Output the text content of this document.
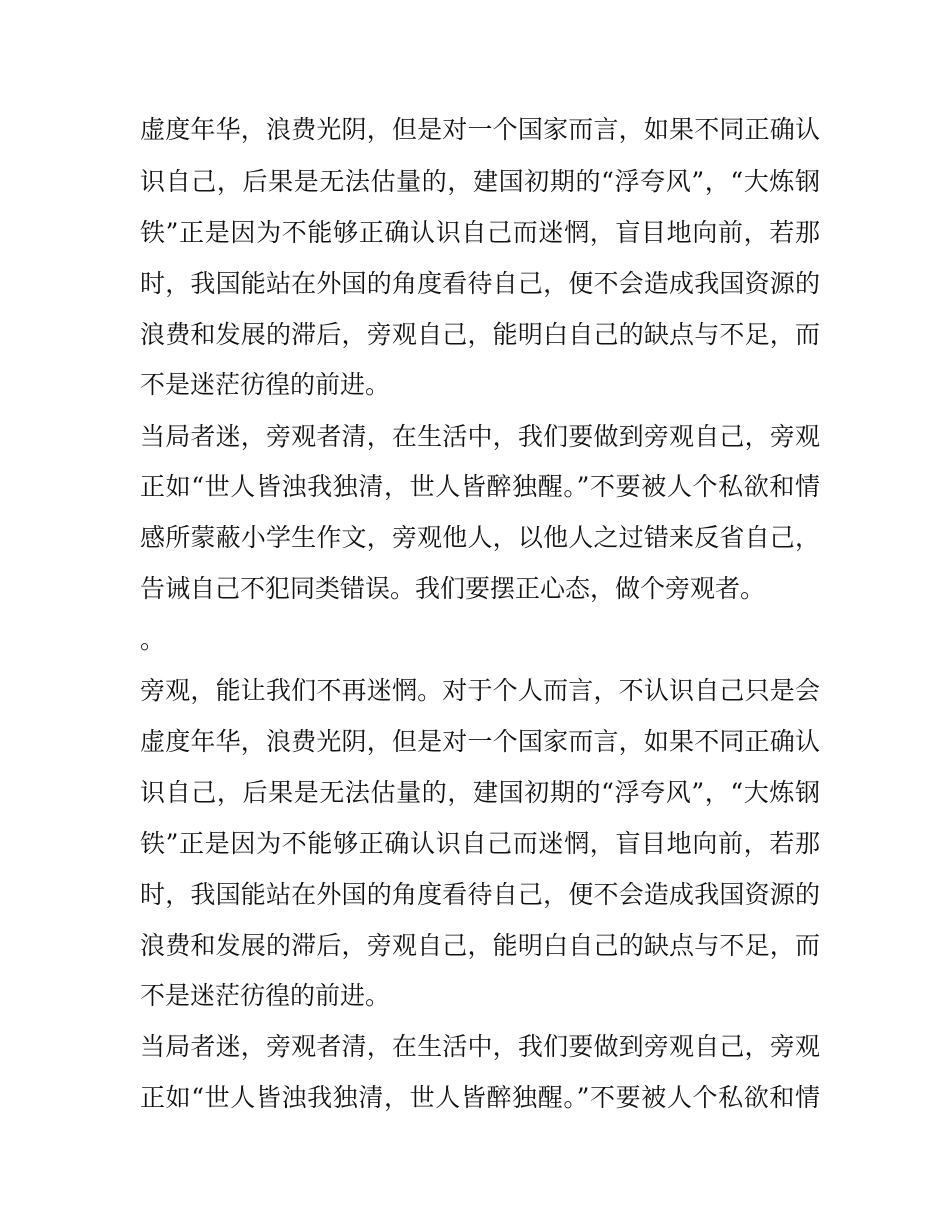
虚度年华，浪费光阴，但是对一个国家而言，如果不同正确认
识自己，后果是无法估量的，建国初期的“浮夸风”，“大炼钢
铁”正是因为不能够正确认识自己而迷惘，盲目地向前，若那
时，我国能站在外国的角度看待自己，便不会造成我国资源的
浪费和发展的滞后，旁观自己，能明白自己的缺点与不足，而
不是迷茫彷徨的前进。
当局者迷，旁观者清，在生活中，我们要做到旁观自己，旁观
正如“世人皆浊我独清，世人皆醉独醒。”不要被人个私欲和情
感所蒙蔽小学生作文，旁观他人，以他人之过错来反省自己，
告诫自己不犯同类错误。我们要摆正心态，做个旁观者。
。
旁观，能让我们不再迷惘。对于个人而言，不认识自己只是会
虚度年华，浪费光阴，但是对一个国家而言，如果不同正确认
识自己，后果是无法估量的，建国初期的“浮夸风”，“大炼钢
铁”正是因为不能够正确认识自己而迷惘，盲目地向前，若那
时，我国能站在外国的角度看待自己，便不会造成我国资源的
浪费和发展的滞后，旁观自己，能明白自己的缺点与不足，而
不是迷茫彷徨的前进。
当局者迷，旁观者清，在生活中，我们要做到旁观自己，旁观
正如“世人皆浊我独清，世人皆醉独醒。”不要被人个私欲和情
